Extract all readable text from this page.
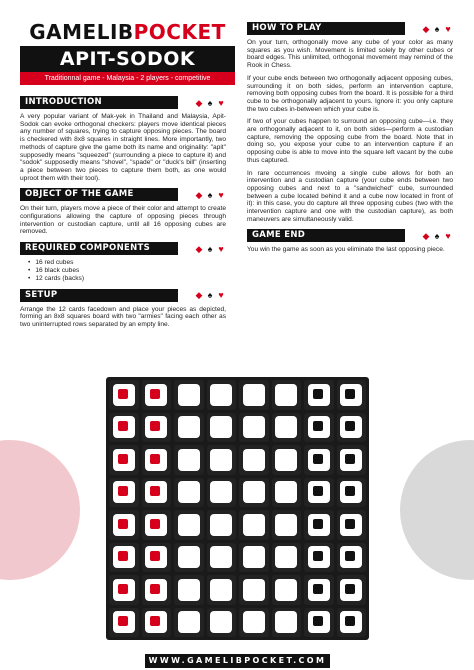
GAMELIBPOCKET
APIT-SODOK
Traditionnal game - Malaysia - 2 players - competitive
INTRODUCTION	◆ ♠ ♥

A very popular variant of Mak-yek in Thailand and Malaysia, Apit-Sodok can evoke orthogonal checkers: players move identical pieces any number of squares, trying to capture opposing pieces. The board is checkered with 8x8 squares in straight lines. More importantly, two methods of capture give the game both its name and originality: "apit" supposedly means "squeezed" (surrounding a piece to capture it) and "sodok" supposedly means "shovel", "spade" or "duck's bill" (inserting a piece between two pieces to capture them both, as one would uproot them with their tool).

OBJECT OF THE GAME	◆ ♠ ♥

On their turn, players move a piece of their color and attempt to create configurations allowing the capture of opposing pieces through intervention or custodian capture, until all 16 opposing cubes are removed.

REQUIRED COMPONENTS	◆ ♠ ♥
• 16 red cubes
• 16 black cubes
• 12 cards (backs)
SETUP	◆ ♠ ♥

Arrange the 12 cards facedown and place your pieces as depicted, forming an 8x8 squares board with two "armies" facing each other as two uninterrupted rows separated by an empty line.

HOW TO PLAY	◆ ♠ ♥

On your turn, orthogonally move any cube of your color as many squares as you wish. Movement is limited solely by other cubes or board edges. This unlimited, orthogonal movement may remind of the Rook in Chess.

If your cube ends between two orthogonally adjacent opposing cubes, surrounding it on both sides, perform an intervention capture, removing both opposing cubes from the board. It is possible for a third cube to be orthogonally adjacent to yours. Ignore it: you only capture the two cubes in-between which your cube is.

If two of your cubes happen to surround an opposing cube—i.e. they are orthogonally adjacent to it, on both sides—perform a custodian capture, removing the opposing cube from the board. Note that in doing so, you expose your cube to an intervention capture if an opposing cube is able to move into the square left vacant by the cube thus captured.

In rare occurrences mvoing a single cube allows for both an intervention and a custodian capture (your cube ends between two opposing cubes and next to a "sandwiched" cube, surrounded between a cube located behind it and a cube now located in front of it): in this case, you do capture all three opposing cubes (two with the intervention capture and one with the custodian capture), as both maneuvers are simultaneously valid.

GAME END	◆ ♠ ♥

You win the game as soon as you eliminate the last opposing piece.

WWW.GAMELIBPOCKET.COM
